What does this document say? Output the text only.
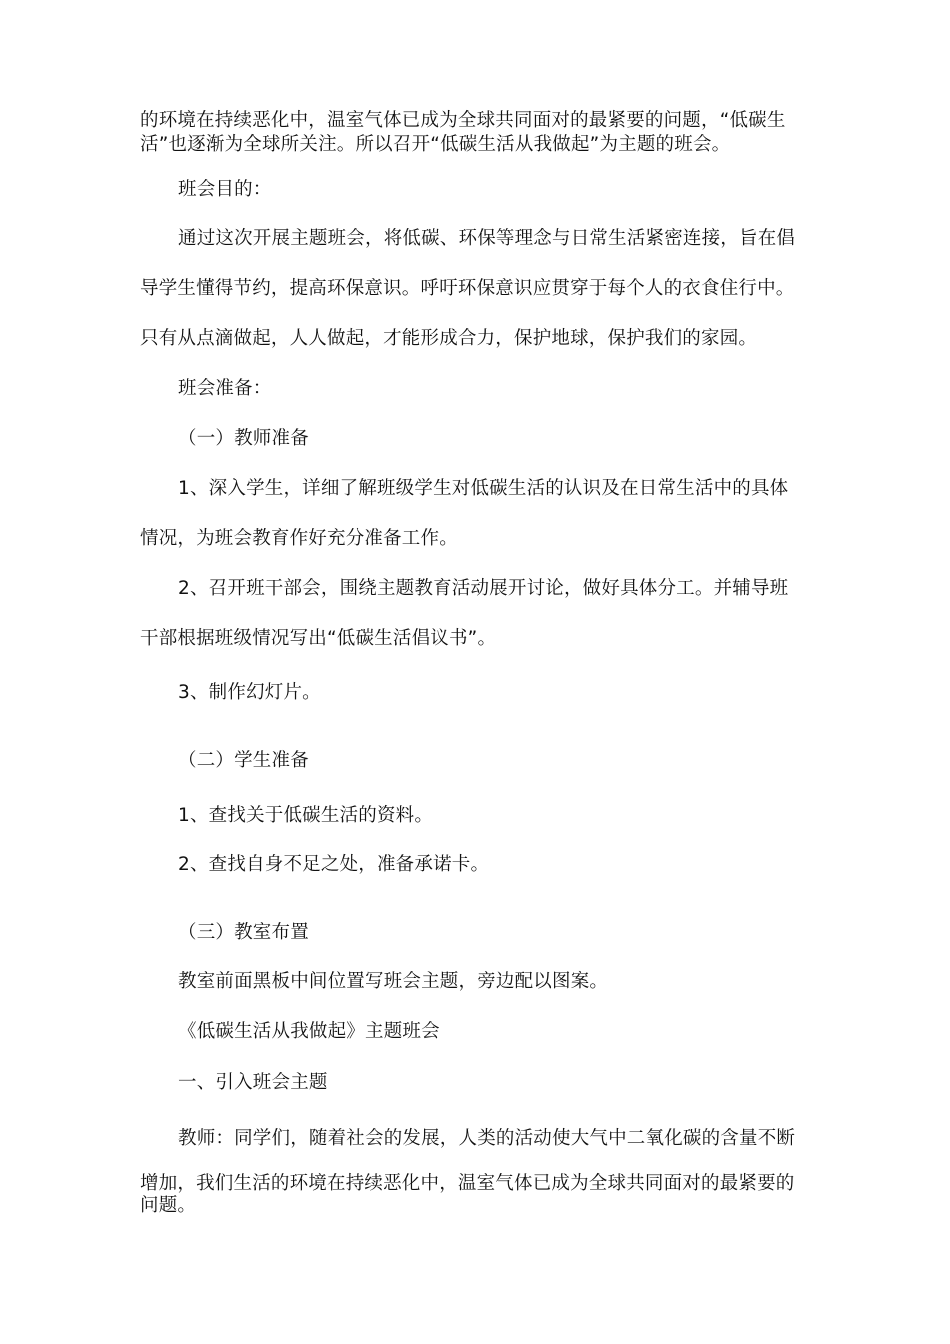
的环境在持续恶化中，温室气体已成为全球共同面对的最紧要的问题，“低碳生
活”也逐渐为全球所关注。所以召开“低碳生活从我做起”为主题的班会。
班会目的：
通过这次开展主题班会，将低碳、环保等理念与日常生活紧密连接，旨在倡
导学生懂得节约，提高环保意识。呼吁环保意识应贯穿于每个人的衣食住行中。
只有从点滴做起，人人做起，才能形成合力，保护地球，保护我们的家园。
班会准备：
（一）教师准备
1、深入学生，详细了解班级学生对低碳生活的认识及在日常生活中的具体
情况，为班会教育作好充分准备工作。
2、召开班干部会，围绕主题教育活动展开讨论，做好具体分工。并辅导班
干部根据班级情况写出“低碳生活倡议书”。
3、制作幻灯片。
（二）学生准备
1、查找关于低碳生活的资料。
2、查找自身不足之处，准备承诺卡。
（三）教室布置
教室前面黑板中间位置写班会主题，旁边配以图案。
《低碳生活从我做起》主题班会
一、引入班会主题
教师：同学们，随着社会的发展，人类的活动使大气中二氧化碳的含量不断
增加，我们生活的环境在持续恶化中，温室气体已成为全球共同面对的最紧要的
问题。
